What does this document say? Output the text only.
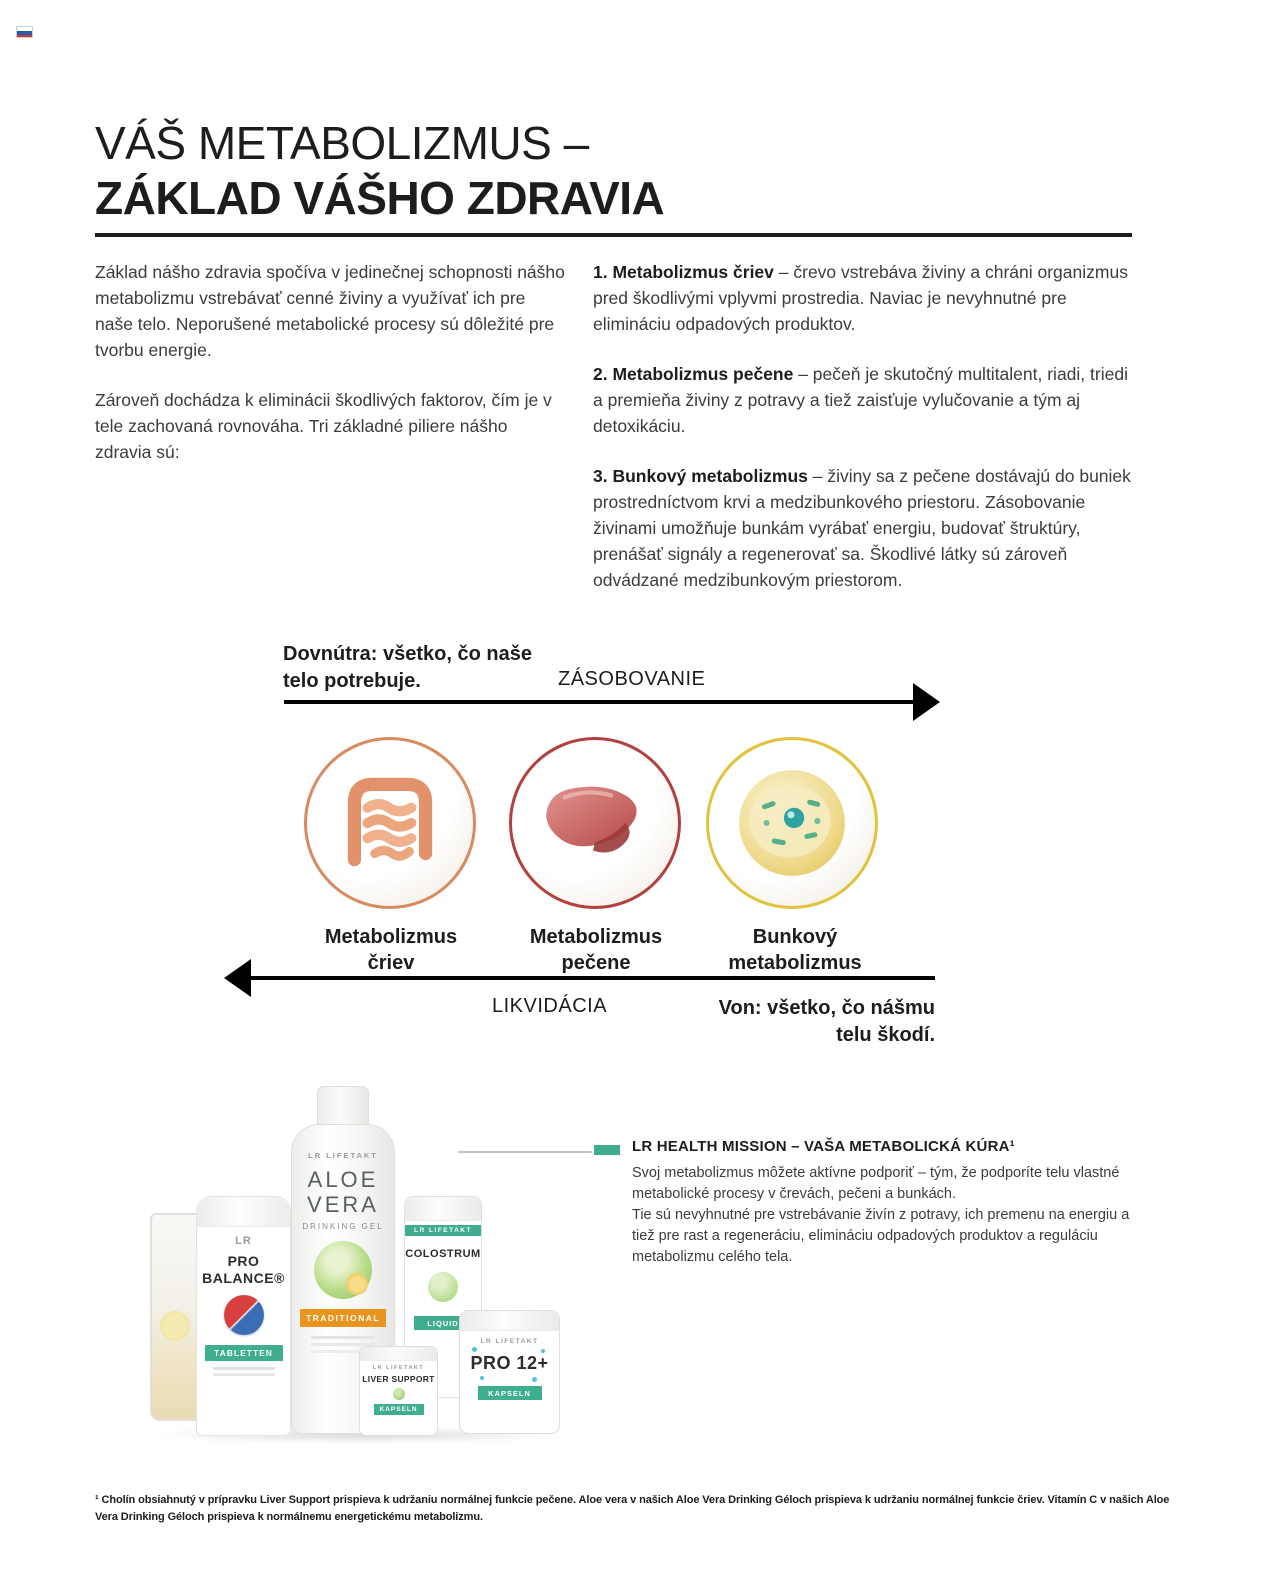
VÁŠ METABOLIZMUS –
ZÁKLAD VÁŠHO ZDRAVIA

Základ nášho zdravia spočíva v jedinečnej schopnosti nášho metabolizmu vstrebávať cenné živiny a využívať ich pre naše telo. Neporušené metabolické procesy sú dôležité pre tvorbu energie.

Zároveň dochádza k eliminácii škodlivých faktorov, čím je v tele zachovaná rovnováha. Tri základné piliere nášho zdravia sú:

1. Metabolizmus čriev – črevo vstrebáva živiny a chráni organizmus pred škodlivými vplyvmi prostredia. Naviac je nevyhnutné pre elimináciu odpadových produktov.

2. Metabolizmus pečene – pečeň je skutočný multitalent, riadi, triedi a premieňa živiny z potravy a tiež zaisťuje vylučovanie a tým aj detoxikáciu.

3. Bunkový metabolizmus – živiny sa z pečene dostávajú do buniek prostredníctvom krvi a medzibunkového priestoru. Zásobovanie živinami umožňuje bunkám vyrábať energiu, budovať štruktúry, prenášať signály a regenerovať sa. Škodlivé látky sú zároveň odvádzané medzibunkovým priestorom.

Dovnútra: všetko, čo naše telo potrebuje.	ZÁSOBOVANIE
Metabolizmus
čriev
Metabolizmus
pečene
Bunkový
metabolizmus
LIKVIDÁCIA	Von: všetko, čo nášmu telu škodí.
LR
PRO
BALANCE®
TABLETTEN
LR LIFETAKT
ALOE
VERA
DRINKING GEL
TRADITIONAL
LR LIFETAKT
COLOSTRUM
LIQUID
LR LIFETAKT
LIVER SUPPORT
KAPSELN
LR LIFETAKT
PRO 12+
KAPSELN
LR HEALTH MISSION – VAŠA METABOLICKÁ KÚRA¹

Svoj metabolizmus môžete aktívne podporiť – tým, že podporíte telu vlastné metabolické procesy v črevách, pečeni a bunkách.

Tie sú nevyhnutné pre vstrebávanie živín z potravy, ich premenu na energiu a tiež pre rast a regeneráciu, elimináciu odpadových produktov a reguláciu metabolizmu celého tela.

¹ Cholín obsiahnutý v prípravku Liver Support prispieva k udržaniu normálnej funkcie pečene. Aloe vera v našich Aloe Vera Drinking Géloch prispieva k udržaniu normálnej funkcie čriev. Vitamín C v našich Aloe Vera Drinking Géloch prispieva k normálnemu energetickému metabolizmu.
